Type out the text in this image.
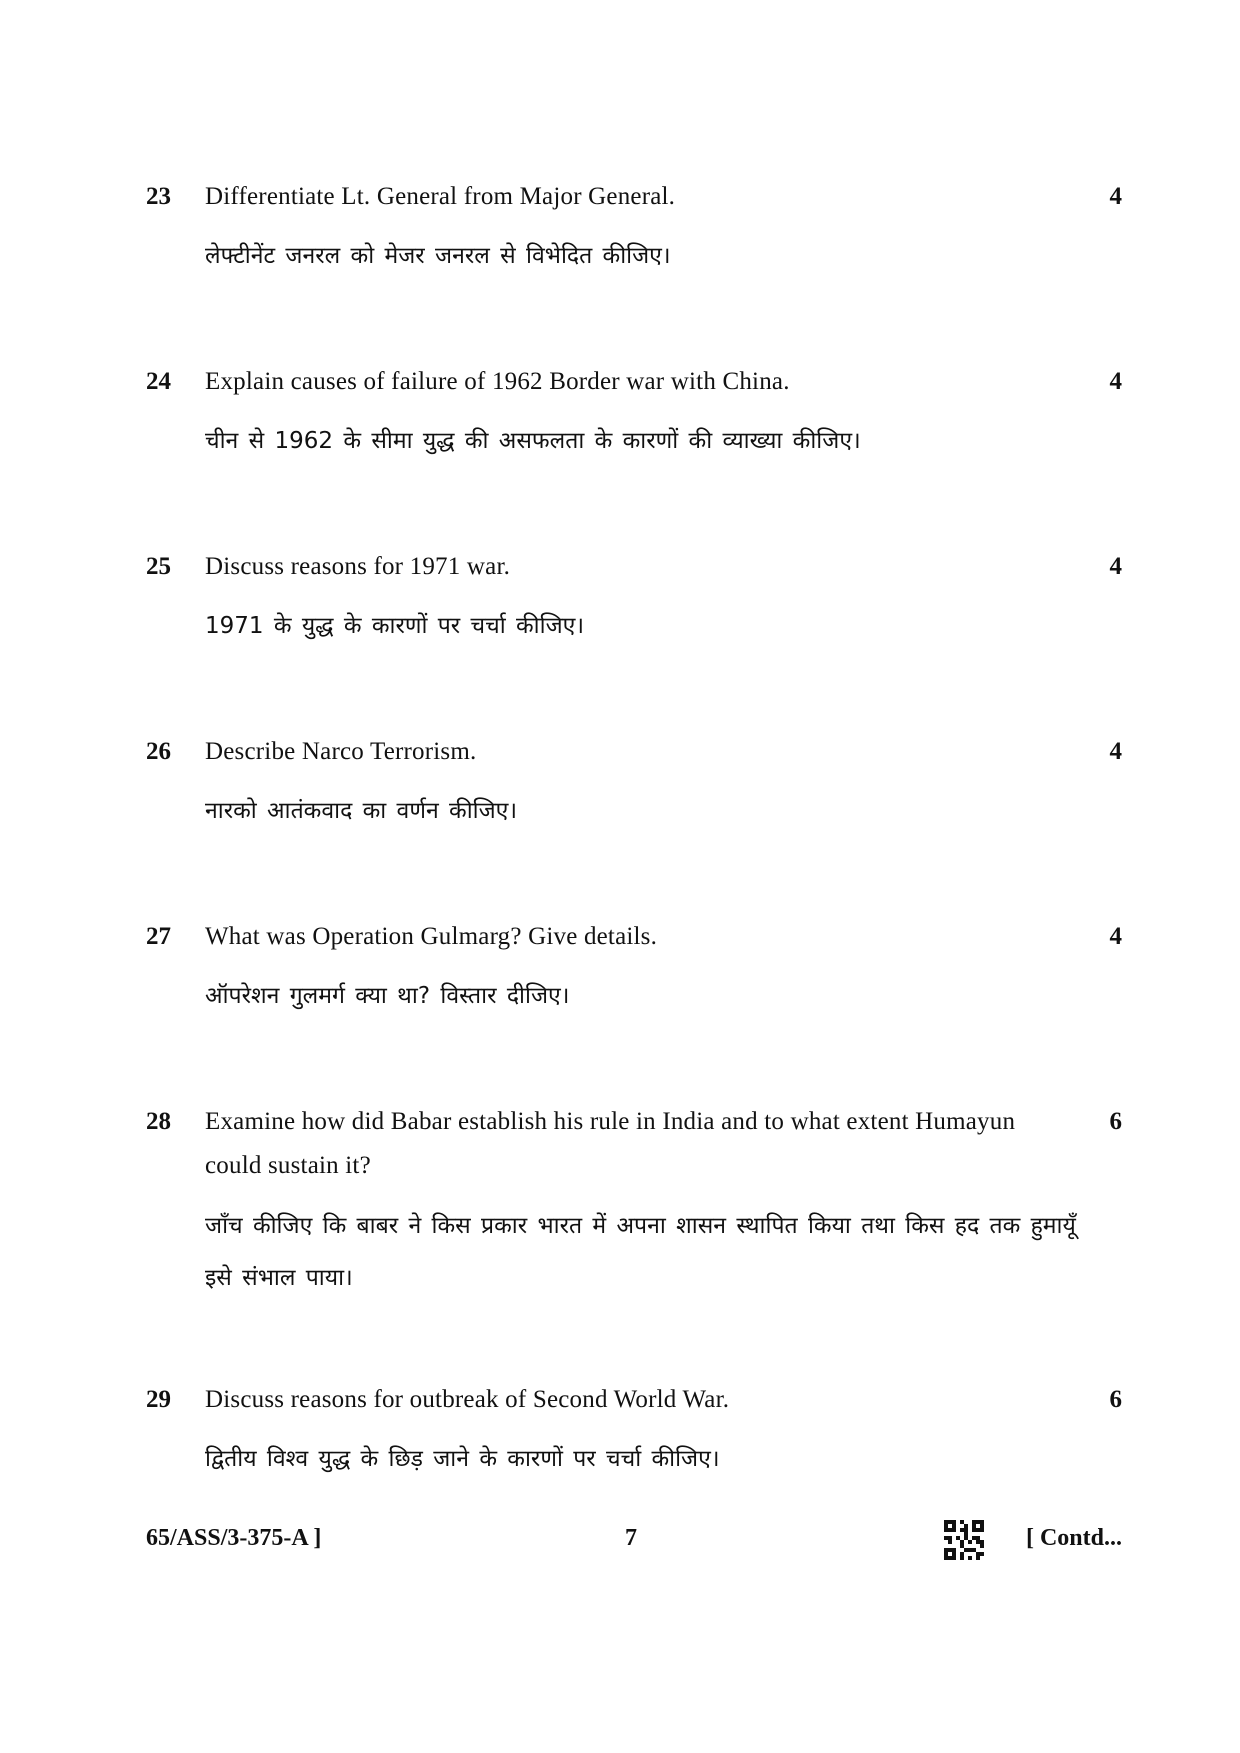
23 Differentiate Lt. General from Major General.	4
लेफ्टीनेंट जनरल को मेजर जनरल से विभेदित कीजिए।
24 Explain causes of failure of 1962 Border war with China.	4
चीन से 1962 के सीमा युद्ध की असफलता के कारणों की व्याख्या कीजिए।
25 Discuss reasons for 1971 war.	4
1971 के युद्ध के कारणों पर चर्चा कीजिए।
26 Describe Narco Terrorism.	4
नारको आतंकवाद का वर्णन कीजिए।
27 What was Operation Gulmarg? Give details.	4
ऑपरेशन गुलमर्ग क्या था? विस्तार दीजिए।
28 Examine how did Babar establish his rule in India and to what extent Humayun could sustain it?
6
जाँच कीजिए कि बाबर ने किस प्रकार भारत में अपना शासन स्थापित किया तथा किस हद तक हुमायूँ इसे संभाल पाया।
29 Discuss reasons for outbreak of Second World War.	6
द्वितीय विश्व युद्ध के छिड़ जाने के कारणों पर चर्चा कीजिए।
65/ASS/3-375-A ]	7	[ Contd...
